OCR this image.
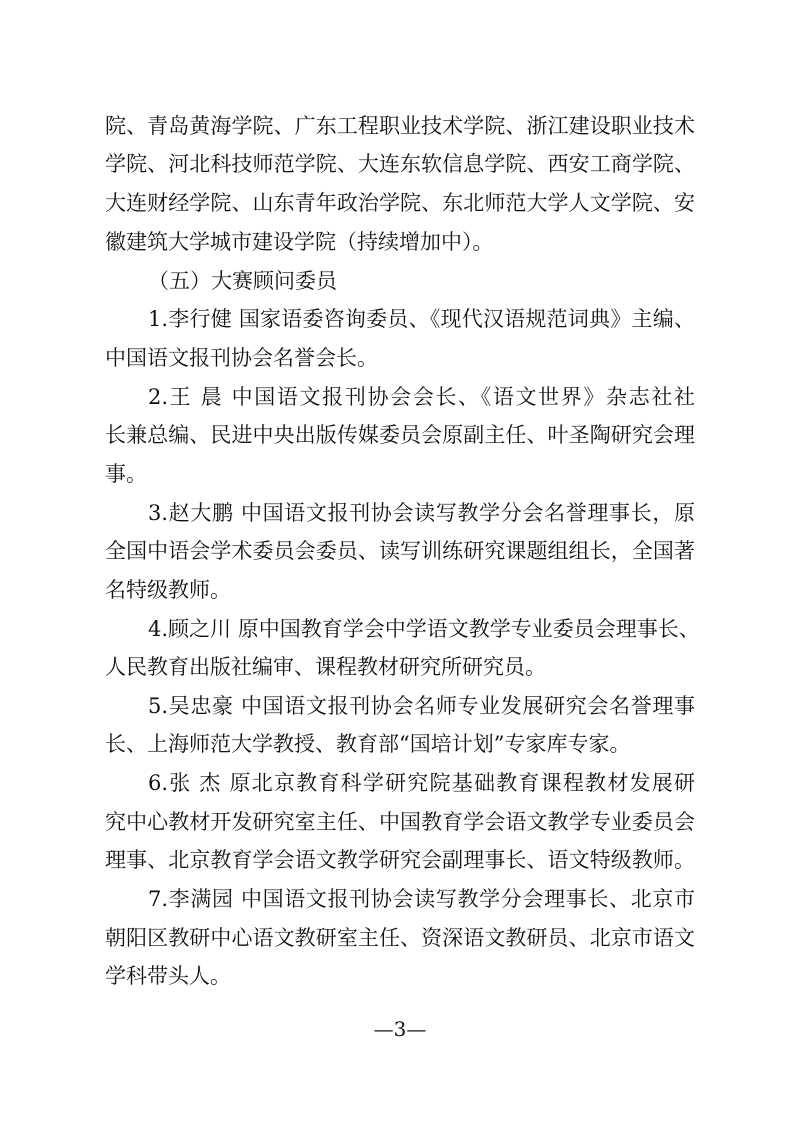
院、青岛黄海学院、广东工程职业技术学院、浙江建设职业技术
学院、河北科技师范学院、大连东软信息学院、西安工商学院、
大连财经学院、山东青年政治学院、东北师范大学人文学院、安
徽建筑大学城市建设学院（持续增加中）。
（五）大赛顾问委员
1.李行健 国家语委咨询委员、《现代汉语规范词典》主编、
中国语文报刊协会名誉会长。
2.王 晨 中国语文报刊协会会长、《语文世界》杂志社社
长兼总编、民进中央出版传媒委员会原副主任、叶圣陶研究会理
事。
3.赵大鹏 中国语文报刊协会读写教学分会名誉理事长，原
全国中语会学术委员会委员、读写训练研究课题组组长，全国著
名特级教师。
4.顾之川 原中国教育学会中学语文教学专业委员会理事长、
人民教育出版社编审、课程教材研究所研究员。
5.吴忠豪 中国语文报刊协会名师专业发展研究会名誉理事
长、上海师范大学教授、教育部“国培计划”专家库专家。
6.张 杰 原北京教育科学研究院基础教育课程教材发展研
究中心教材开发研究室主任、中国教育学会语文教学专业委员会
理事、北京教育学会语文教学研究会副理事长、语文特级教师。
7.李满园 中国语文报刊协会读写教学分会理事长、北京市
朝阳区教研中心语文教研室主任、资深语文教研员、北京市语文
学科带头人。
—3—
